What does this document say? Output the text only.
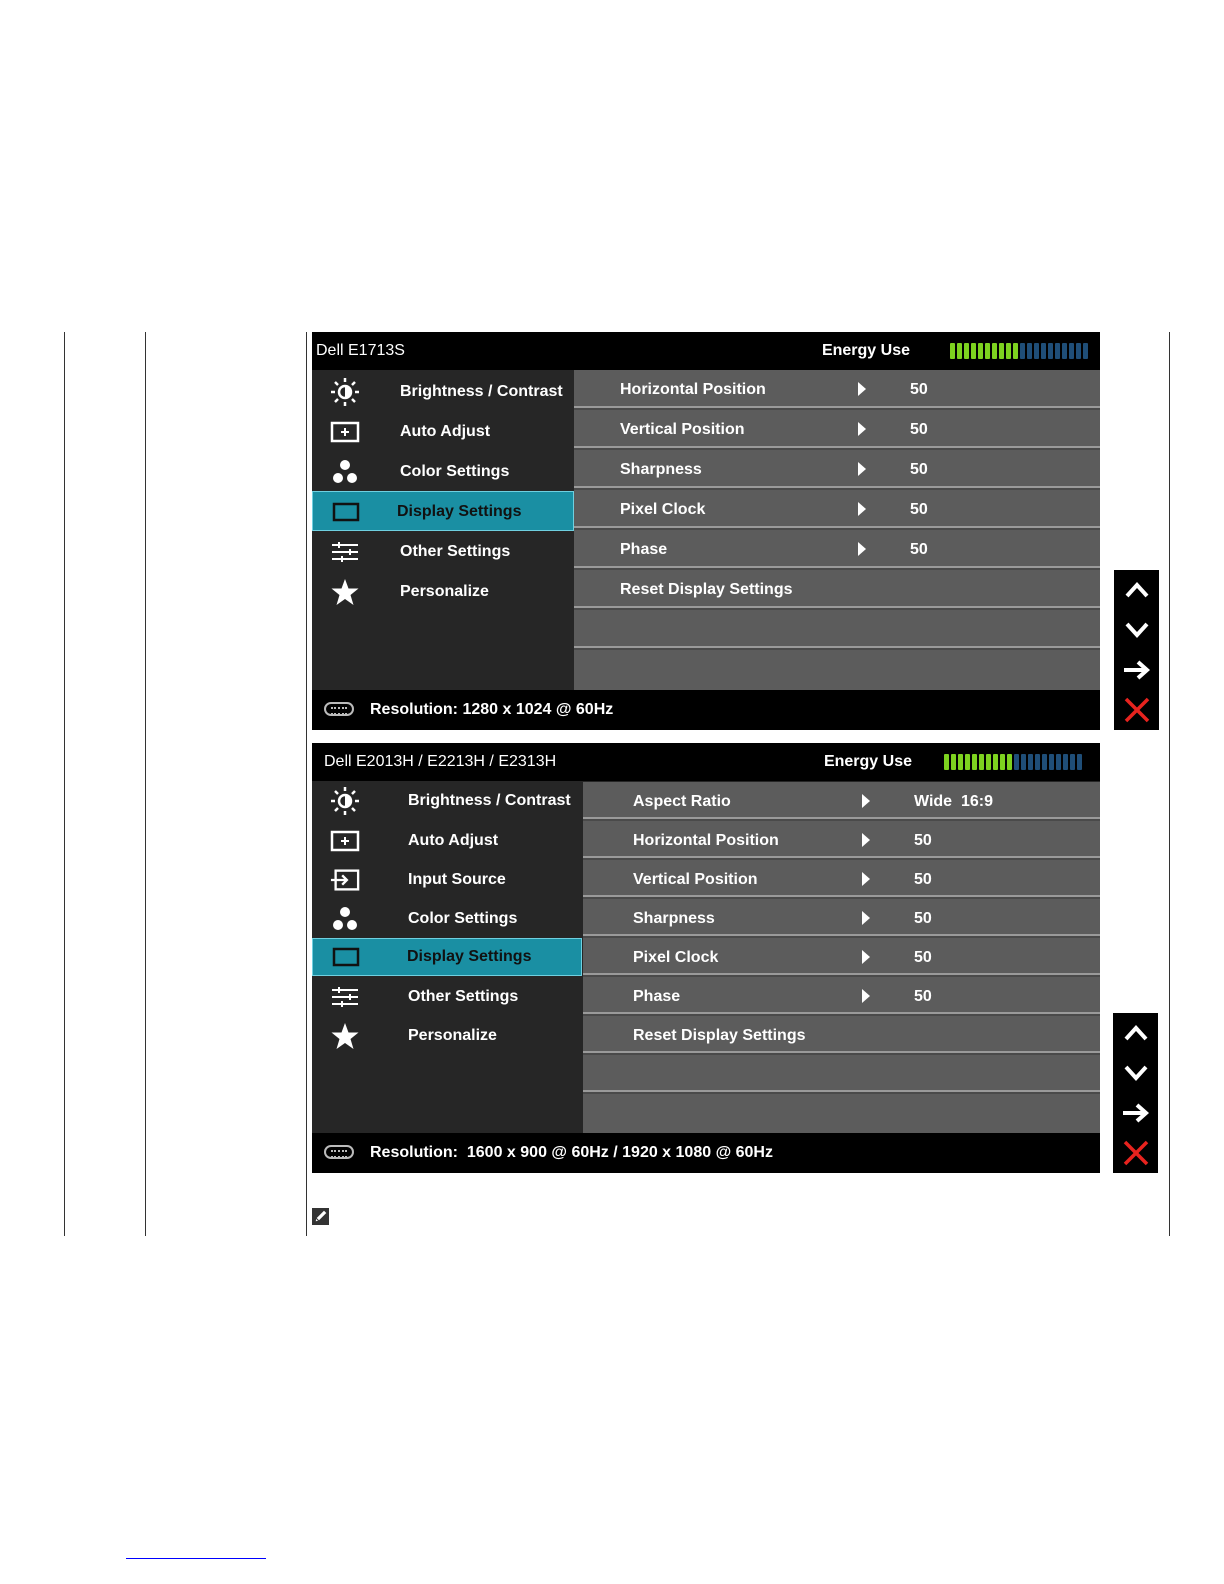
Dell E1713S	Energy Use
Brightness / Contrast
Auto Adjust
Color Settings
Display Settings
Other Settings
Personalize
Horizontal Position	50
Vertical Position	50
Sharpness	50
Pixel Clock	50
Phase	50
Reset Display Settings
Resolution: 1280 x 1024 @ 60Hz
Dell E2013H / E2213H / E2313H	Energy Use
Brightness / Contrast
Auto Adjust
Input Source
Color Settings
Display Settings
Other Settings
Personalize
Aspect Ratio	Wide  16:9
Horizontal Position	50
Vertical Position	50
Sharpness	50
Pixel Clock	50
Phase	50
Reset Display Settings
Resolution:  1600 x 900 @ 60Hz / 1920 x 1080 @ 60Hz
